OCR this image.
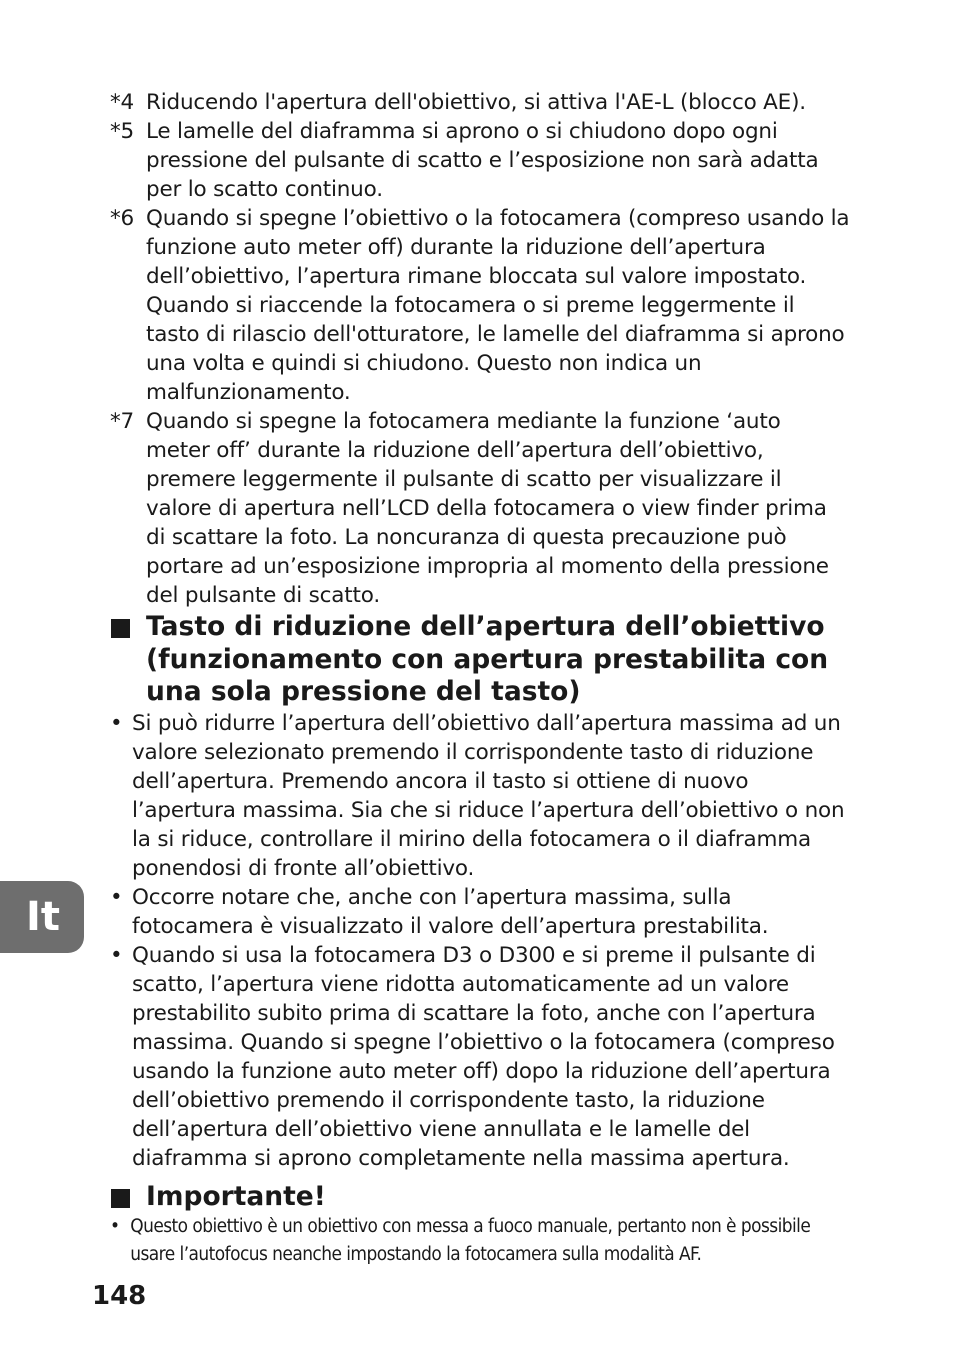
*4 Riducendo l'apertura dell'obiettivo, si attiva l'AE-L (blocco AE).
*5 Le lamelle del diaframma si aprono o si chiudono dopo ogni pressione del pulsante di scatto e l’esposizione non sarà adatta per lo scatto continuo.
*6 Quando si spegne l’obiettivo o la fotocamera (compreso usando la funzione auto meter off) durante la riduzione dell’apertura dell’obiettivo, l’apertura rimane bloccata sul valore impostato. Quando si riaccende la fotocamera o si preme leggermente il tasto di rilascio dell'otturatore, le lamelle del diaframma si aprono una volta e quindi si chiudono. Questo non indica un malfunzionamento.
*7 Quando si spegne la fotocamera mediante la funzione ‘auto meter off’ durante la riduzione dell’apertura dell’obiettivo, premere leggermente il pulsante di scatto per visualizzare il valore di apertura nell’LCD della fotocamera o view finder prima di scattare la foto. La noncuranza di questa precauzione può portare ad un’esposizione impropria al momento della pressione del pulsante di scatto.
Tasto di riduzione dell’apertura dell’obiettivo (funzionamento con apertura prestabilita con una sola pressione del tasto)
• Si può ridurre l’apertura dell’obiettivo dall’apertura massima ad un valore selezionato premendo il corrispondente tasto di riduzione dell’apertura. Premendo ancora il tasto si ottiene di nuovo l’apertura massima. Sia che si riduce l’apertura dell’obiettivo o non la si riduce, controllare il mirino della fotocamera o il diaframma ponendosi di fronte all’obiettivo.
• Occorre notare che, anche con l’apertura massima, sulla fotocamera è visualizzato il valore dell’apertura prestabilita.
• Quando si usa la fotocamera D3 o D300 e si preme il pulsante di scatto, l’apertura viene ridotta automaticamente ad un valore prestabilito subito prima di scattare la foto, anche con l’apertura massima. Quando si spegne l’obiettivo o la fotocamera (compreso usando la funzione auto meter off) dopo la riduzione dell’apertura dell’obiettivo premendo il corrispondente tasto, la riduzione dell’apertura dell’obiettivo viene annullata e le lamelle del diaframma si aprono completamente nella massima apertura.
Importante!
• Questo obiettivo è un obiettivo con messa a fuoco manuale, pertanto non è possibile usare l’autofocus neanche impostando la fotocamera sulla modalità AF.
It
148
